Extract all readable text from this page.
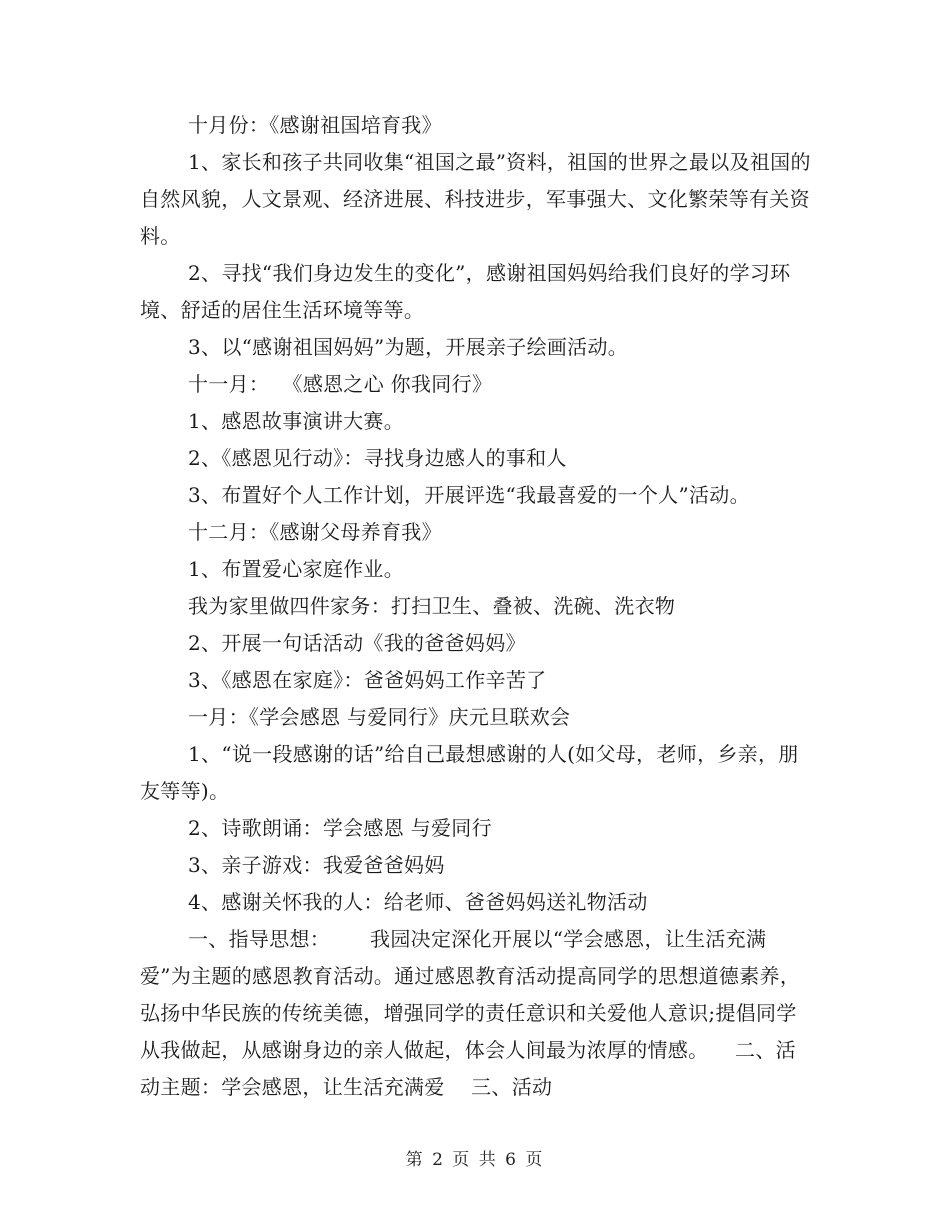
十月份：《感谢祖国培育我》

1、家长和孩子共同收集“祖国之最”资料，祖国的世界之最以及祖国的自然风貌，人文景观、经济进展、科技进步，军事强大、文化繁荣等有关资料。

2、寻找“我们身边发生的变化”，感谢祖国妈妈给我们良好的学习环境、舒适的居住生活环境等等。

3、以“感谢祖国妈妈”为题，开展亲子绘画活动。

十一月：  《感恩之心 你我同行》

1、感恩故事演讲大赛。

2、《感恩见行动》：寻找身边感人的事和人

3、布置好个人工作计划，开展评选“我最喜爱的一个人”活动。

十二月：《感谢父母养育我》

1、布置爱心家庭作业。

我为家里做四件家务：打扫卫生、叠被、洗碗、洗衣物

2、开展一句话活动《我的爸爸妈妈》

3、《感恩在家庭》：爸爸妈妈工作辛苦了

一月：《学会感恩 与爱同行》庆元旦联欢会

1、“说一段感谢的话”给自己最想感谢的人(如父母，老师，乡亲，朋友等等)。

2、诗歌朗诵：学会感恩 与爱同行

3、亲子游戏：我爱爸爸妈妈

4、感谢关怀我的人：给老师、爸爸妈妈送礼物活动

一、指导思想：      我园决定深化开展以“学会感恩，让生活充满爱”为主题的感恩教育活动。通过感恩教育活动提高同学的思想道德素养，弘扬中华民族的传统美德，增强同学的责任意识和关爱他人意识;提倡同学从我做起，从感谢身边的亲人做起，体会人间最为浓厚的情感。    二、活动主题：学会感恩，让生活充满爱    三、活动

第 2 页 共 6 页
